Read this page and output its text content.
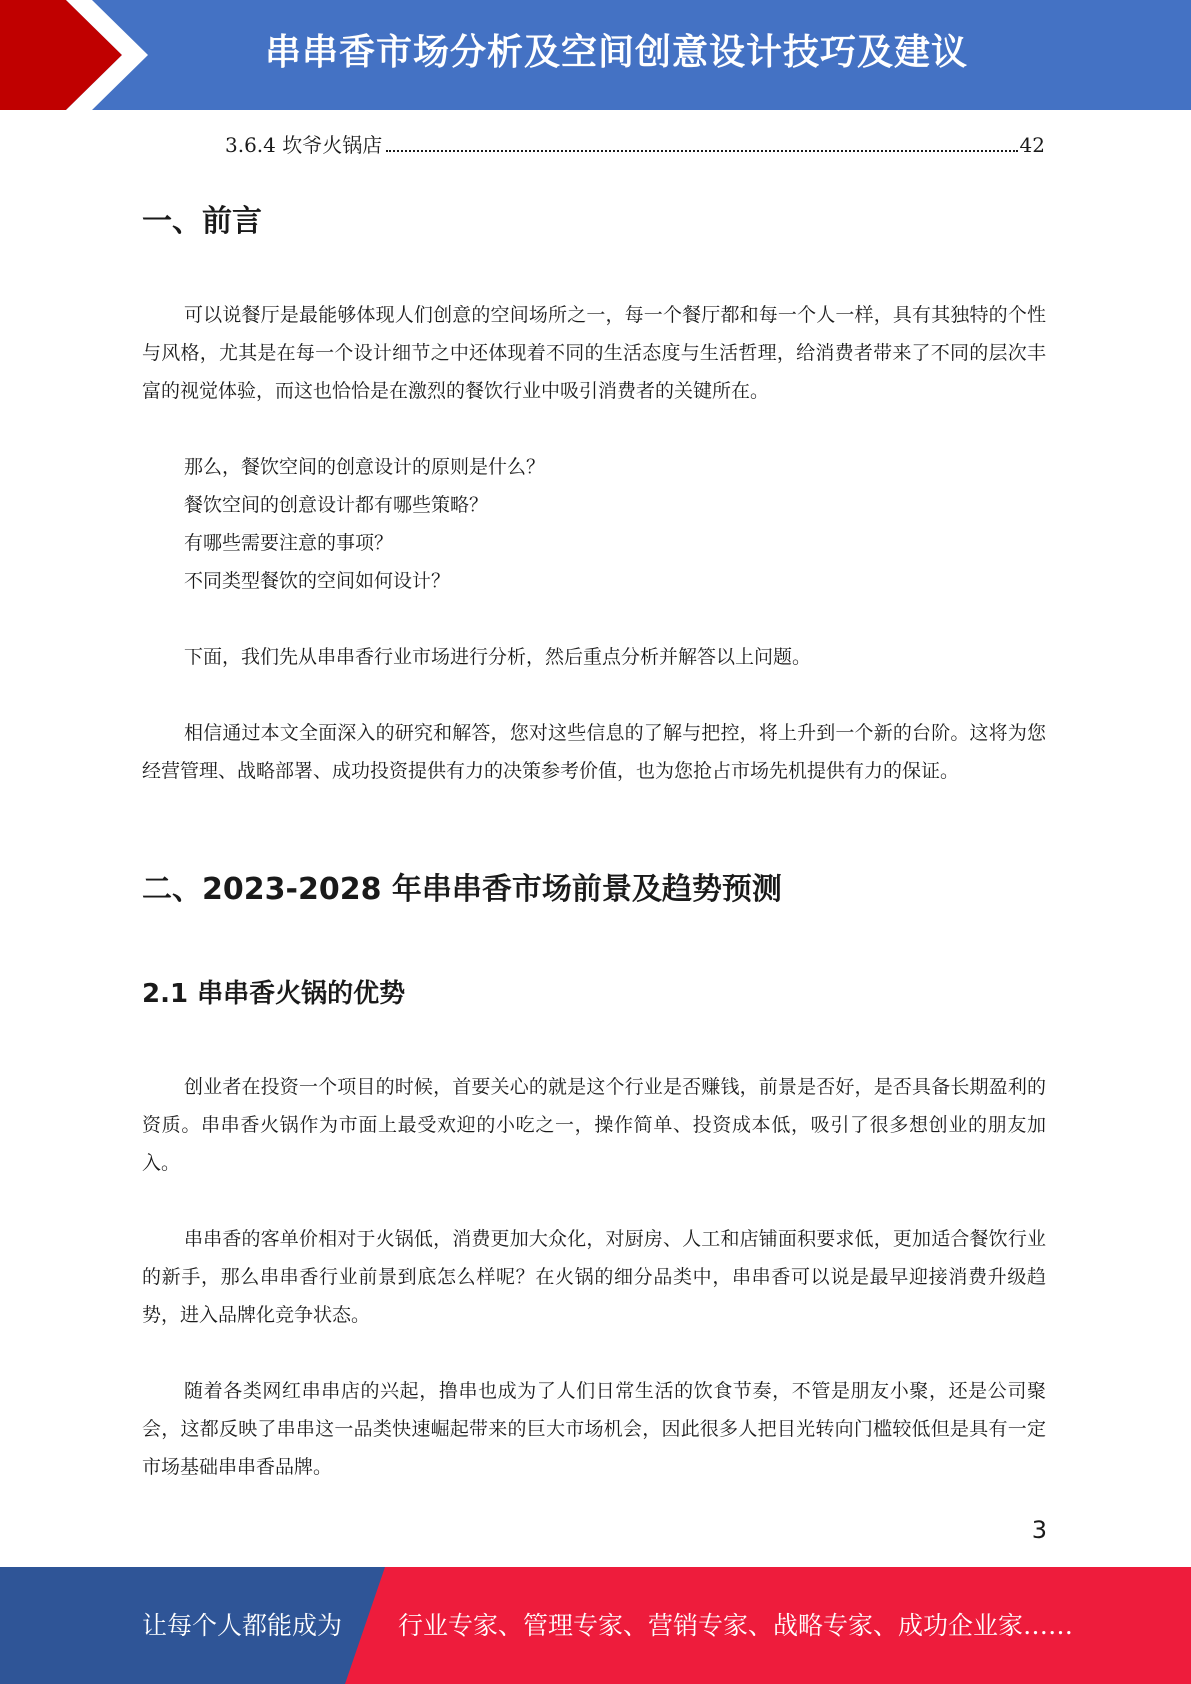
串串香市场分析及空间创意设计技巧及建议
3.6.4 坎爷火锅店	42
一、前言

可以说餐厅是最能够体现人们创意的空间场所之一，每一个餐厅都和每一个人一样，具有其独特的个性与风格，尤其是在每一个设计细节之中还体现着不同的生活态度与生活哲理，给消费者带来了不同的层次丰富的视觉体验，而这也恰恰是在激烈的餐饮行业中吸引消费者的关键所在。

那么，餐饮空间的创意设计的原则是什么？
餐饮空间的创意设计都有哪些策略？
有哪些需要注意的事项？
不同类型餐饮的空间如何设计？

下面，我们先从串串香行业市场进行分析，然后重点分析并解答以上问题。

相信通过本文全面深入的研究和解答，您对这些信息的了解与把控，将上升到一个新的台阶。这将为您经营管理、战略部署、成功投资提供有力的决策参考价值，也为您抢占市场先机提供有力的保证。

二、2023-2028 年串串香市场前景及趋势预测
2.1 串串香火锅的优势

创业者在投资一个项目的时候，首要关心的就是这个行业是否赚钱，前景是否好，是否具备长期盈利的资质。串串香火锅作为市面上最受欢迎的小吃之一，操作简单、投资成本低，吸引了很多想创业的朋友加入。

串串香的客单价相对于火锅低，消费更加大众化，对厨房、人工和店铺面积要求低，更加适合餐饮行业的新手，那么串串香行业前景到底怎么样呢？在火锅的细分品类中，串串香可以说是最早迎接消费升级趋势，进入品牌化竞争状态。

随着各类网红串串店的兴起，撸串也成为了人们日常生活的饮食节奏，不管是朋友小聚，还是公司聚会，这都反映了串串这一品类快速崛起带来的巨大市场机会，因此很多人把目光转向门槛较低但是具有一定市场基础串串香品牌。

3
让每个人都能成为 行业专家、管理专家、营销专家、战略专家、成功企业家……
